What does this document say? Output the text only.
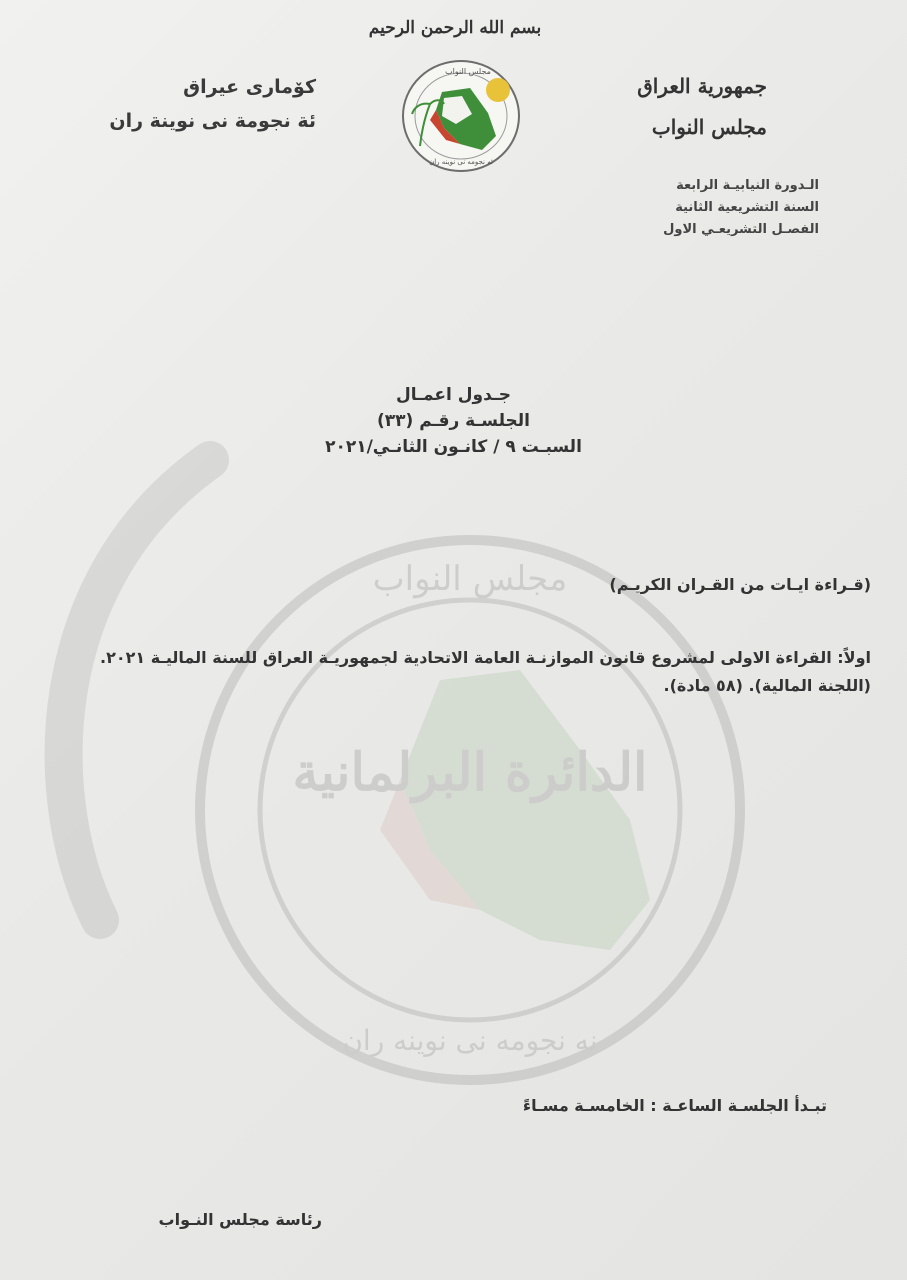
الدائرة البرلمانية
مجلس النواب
نه نجومه نى نوينه ران
بسم الله الرحمن الرحيم
جمهورية العراق
مجلس النواب
كۆمارى عيراق
ئة نجومة نى نوينة ران
مجلس النواب
ئه نجومه نى نوينه ران
الـدورة النيابيـة الرابعة
السنة التشريعية الثانية
الفصـل التشريعـي الاول
جـدول اعمـال
الجلسـة رقـم (٣٣)
السبـت ٩ / كانـون الثانـي/٢٠٢١
(قـراءة ايـات من القـران الكريـم)
اولاً: القراءة الاولى لمشروع قانون الموازنـة العامة الاتحادية لجمهوريـة العراق للسنة الماليـة ٢٠٢١.
(اللجنة المالية). (٥٨ مادة).
تبـدأ الجلسـة الساعـة : الخامسـة مسـاءً
رئاسة مجلس النـواب
